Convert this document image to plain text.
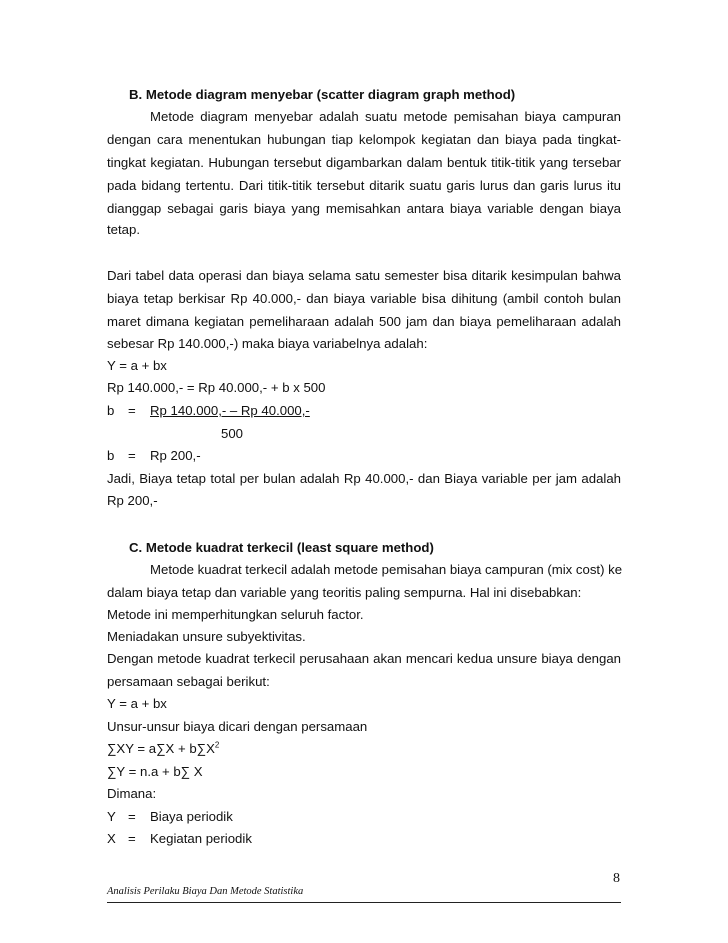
B. Metode diagram menyebar (scatter diagram graph method)
Metode diagram menyebar adalah suatu metode pemisahan biaya campuran
dengan cara menentukan hubungan tiap kelompok kegiatan dan biaya pada tingkat-
tingkat kegiatan. Hubungan tersebut digambarkan dalam bentuk titik-titik yang tersebar
pada bidang tertentu. Dari titik-titik tersebut ditarik suatu garis lurus dan garis lurus itu
dianggap sebagai garis biaya yang memisahkan antara biaya variable dengan biaya
tetap.
Dari tabel data operasi dan biaya selama satu semester bisa ditarik kesimpulan bahwa
biaya tetap berkisar Rp 40.000,- dan biaya variable bisa dihitung (ambil contoh bulan
maret dimana kegiatan pemeliharaan adalah 500 jam dan biaya pemeliharaan adalah
sebesar Rp 140.000,-) maka biaya variabelnya adalah:
Y = a + bx
Rp 140.000,- = Rp 40.000,- + b x 500
b	=	Rp 140.000,- – Rp 40.000,-
500
b	=	Rp 200,-
Jadi, Biaya tetap total per bulan adalah Rp 40.000,- dan Biaya variable per jam adalah
Rp 200,-
C. Metode kuadrat terkecil (least square method)
Metode kuadrat terkecil adalah metode pemisahan biaya campuran (mix cost) ke
dalam biaya tetap dan variable yang teoritis paling sempurna. Hal ini disebabkan:
Metode ini memperhitungkan seluruh factor.
Meniadakan unsure subyektivitas.
Dengan metode kuadrat terkecil perusahaan akan mencari kedua unsure biaya dengan
persamaan sebagai berikut:
Y = a + bx
Unsur-unsur biaya dicari dengan persamaan
$\sum XY = a\sum X + b\sum X^2$
∑Y = n.a + b∑ X
Dimana:
Y =	Biaya periodik
X =	Kegiatan periodik
8
Analisis Perilaku Biaya Dan Metode Statistika
